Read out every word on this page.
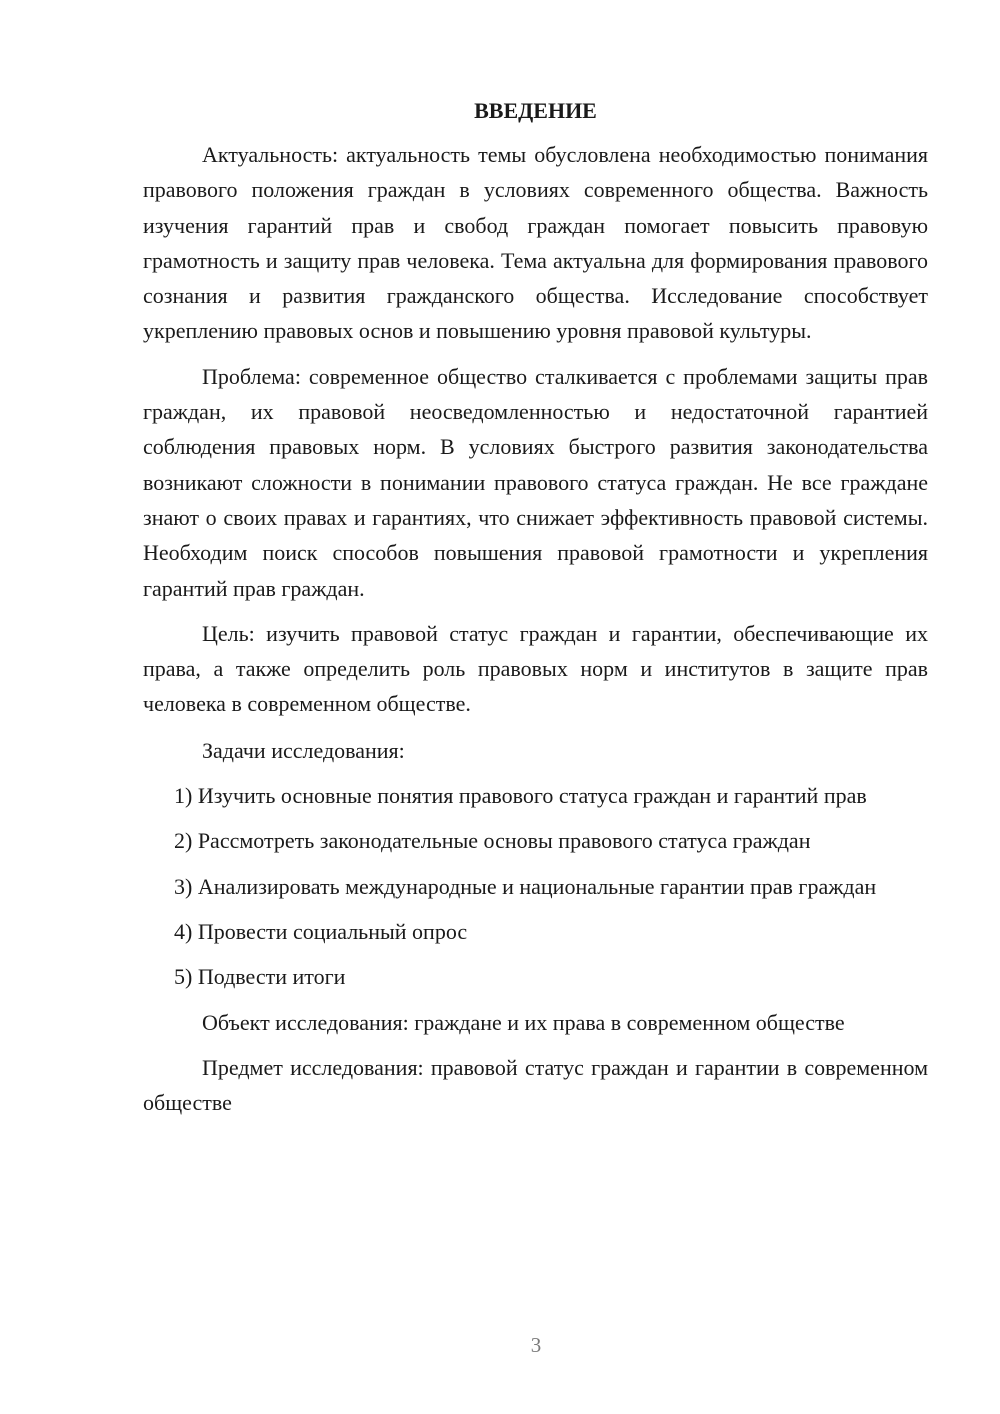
ВВЕДЕНИЕ

Актуальность: актуальность темы обусловлена необходимостью понимания правового положения граждан в условиях современного общества. Важность изучения гарантий прав и свобод граждан помогает повысить правовую грамотность и защиту прав человека. Тема актуальна для формирования правового сознания и развития гражданского общества. Исследование способствует укреплению правовых основ и повышению уровня правовой культуры.

Проблема: современное общество сталкивается с проблемами защиты прав граждан, их правовой неосведомленностью и недостаточной гарантией соблюдения правовых норм. В условиях быстрого развития законодательства возникают сложности в понимании правового статуса граждан. Не все граждане знают о своих правах и гарантиях, что снижает эффективность правовой системы. Необходим поиск способов повышения правовой грамотности и укрепления гарантий прав граждан.

Цель: изучить правовой статус граждан и гарантии, обеспечивающие их права, а также определить роль правовых норм и институтов в защите прав человека в современном обществе.

Задачи исследования:

1) Изучить основные понятия правового статуса граждан и гарантий прав

2) Рассмотреть законодательные основы правового статуса граждан

3) Анализировать международные и национальные гарантии прав граждан

4) Провести социальный опрос

5) Подвести итоги

Объект исследования: граждане и их права в современном обществе

Предмет исследования: правовой статус граждан и гарантии в современном обществе

3
